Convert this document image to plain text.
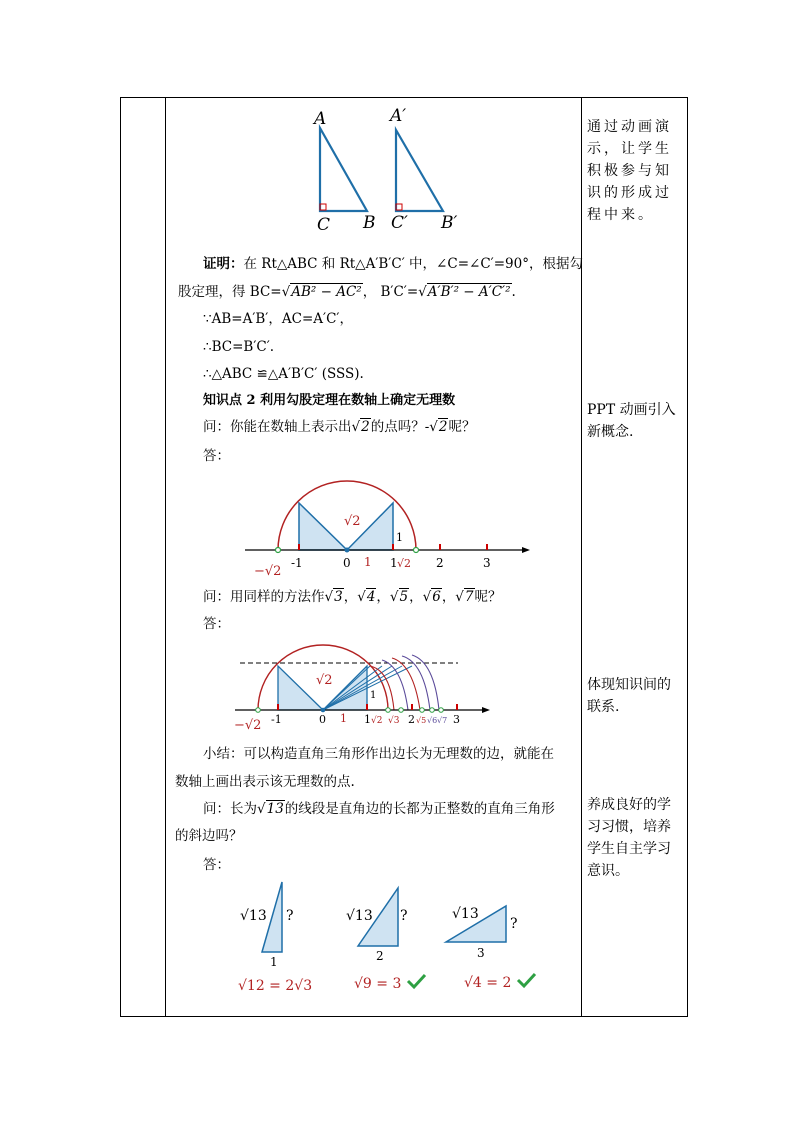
A
C B
A′
C′ B′
证明：在 Rt△ABC 和 Rt△A′B′C′ 中，∠C=∠C′=90°，根据勾
股定理，得 BC=√AB² − AC²， B′C′=√A′B′² − A′C′².
∵AB=A′B′，AC=A′C′，
∴BC=B′C′.
∴△ABC ≌△A′B′C′ (SSS).
知识点 2 利用勾股定理在数轴上确定无理数
问：你能在数轴上表示出√2的点吗？-√2呢？
答：
√2
1
−√2
-1	0 1 1 √2 2	3
问：用同样的方法作√3，√4，√5，√6，√7呢？
答：
√2
1
−√2 -1	0 1 1 √2 √3 2 √5 √6 √7 3
小结：可以构造直角三角形作出边长为无理数的边，就能在
数轴上画出表示该无理数的点.
问：长为√13的线段是直角边的长都为正整数的直角三角形
的斜边吗？
答：
√13 ?
1
√12 = 2√3
√13 ?
2
√9 = 3
√13
?
3
√4 = 2
通过动画演示，让学生积极参与知识的形成过程中来。
PPT 动画引入新概念.
体现知识间的联系.
养成良好的学习习惯，培养学生自主学习意识。
